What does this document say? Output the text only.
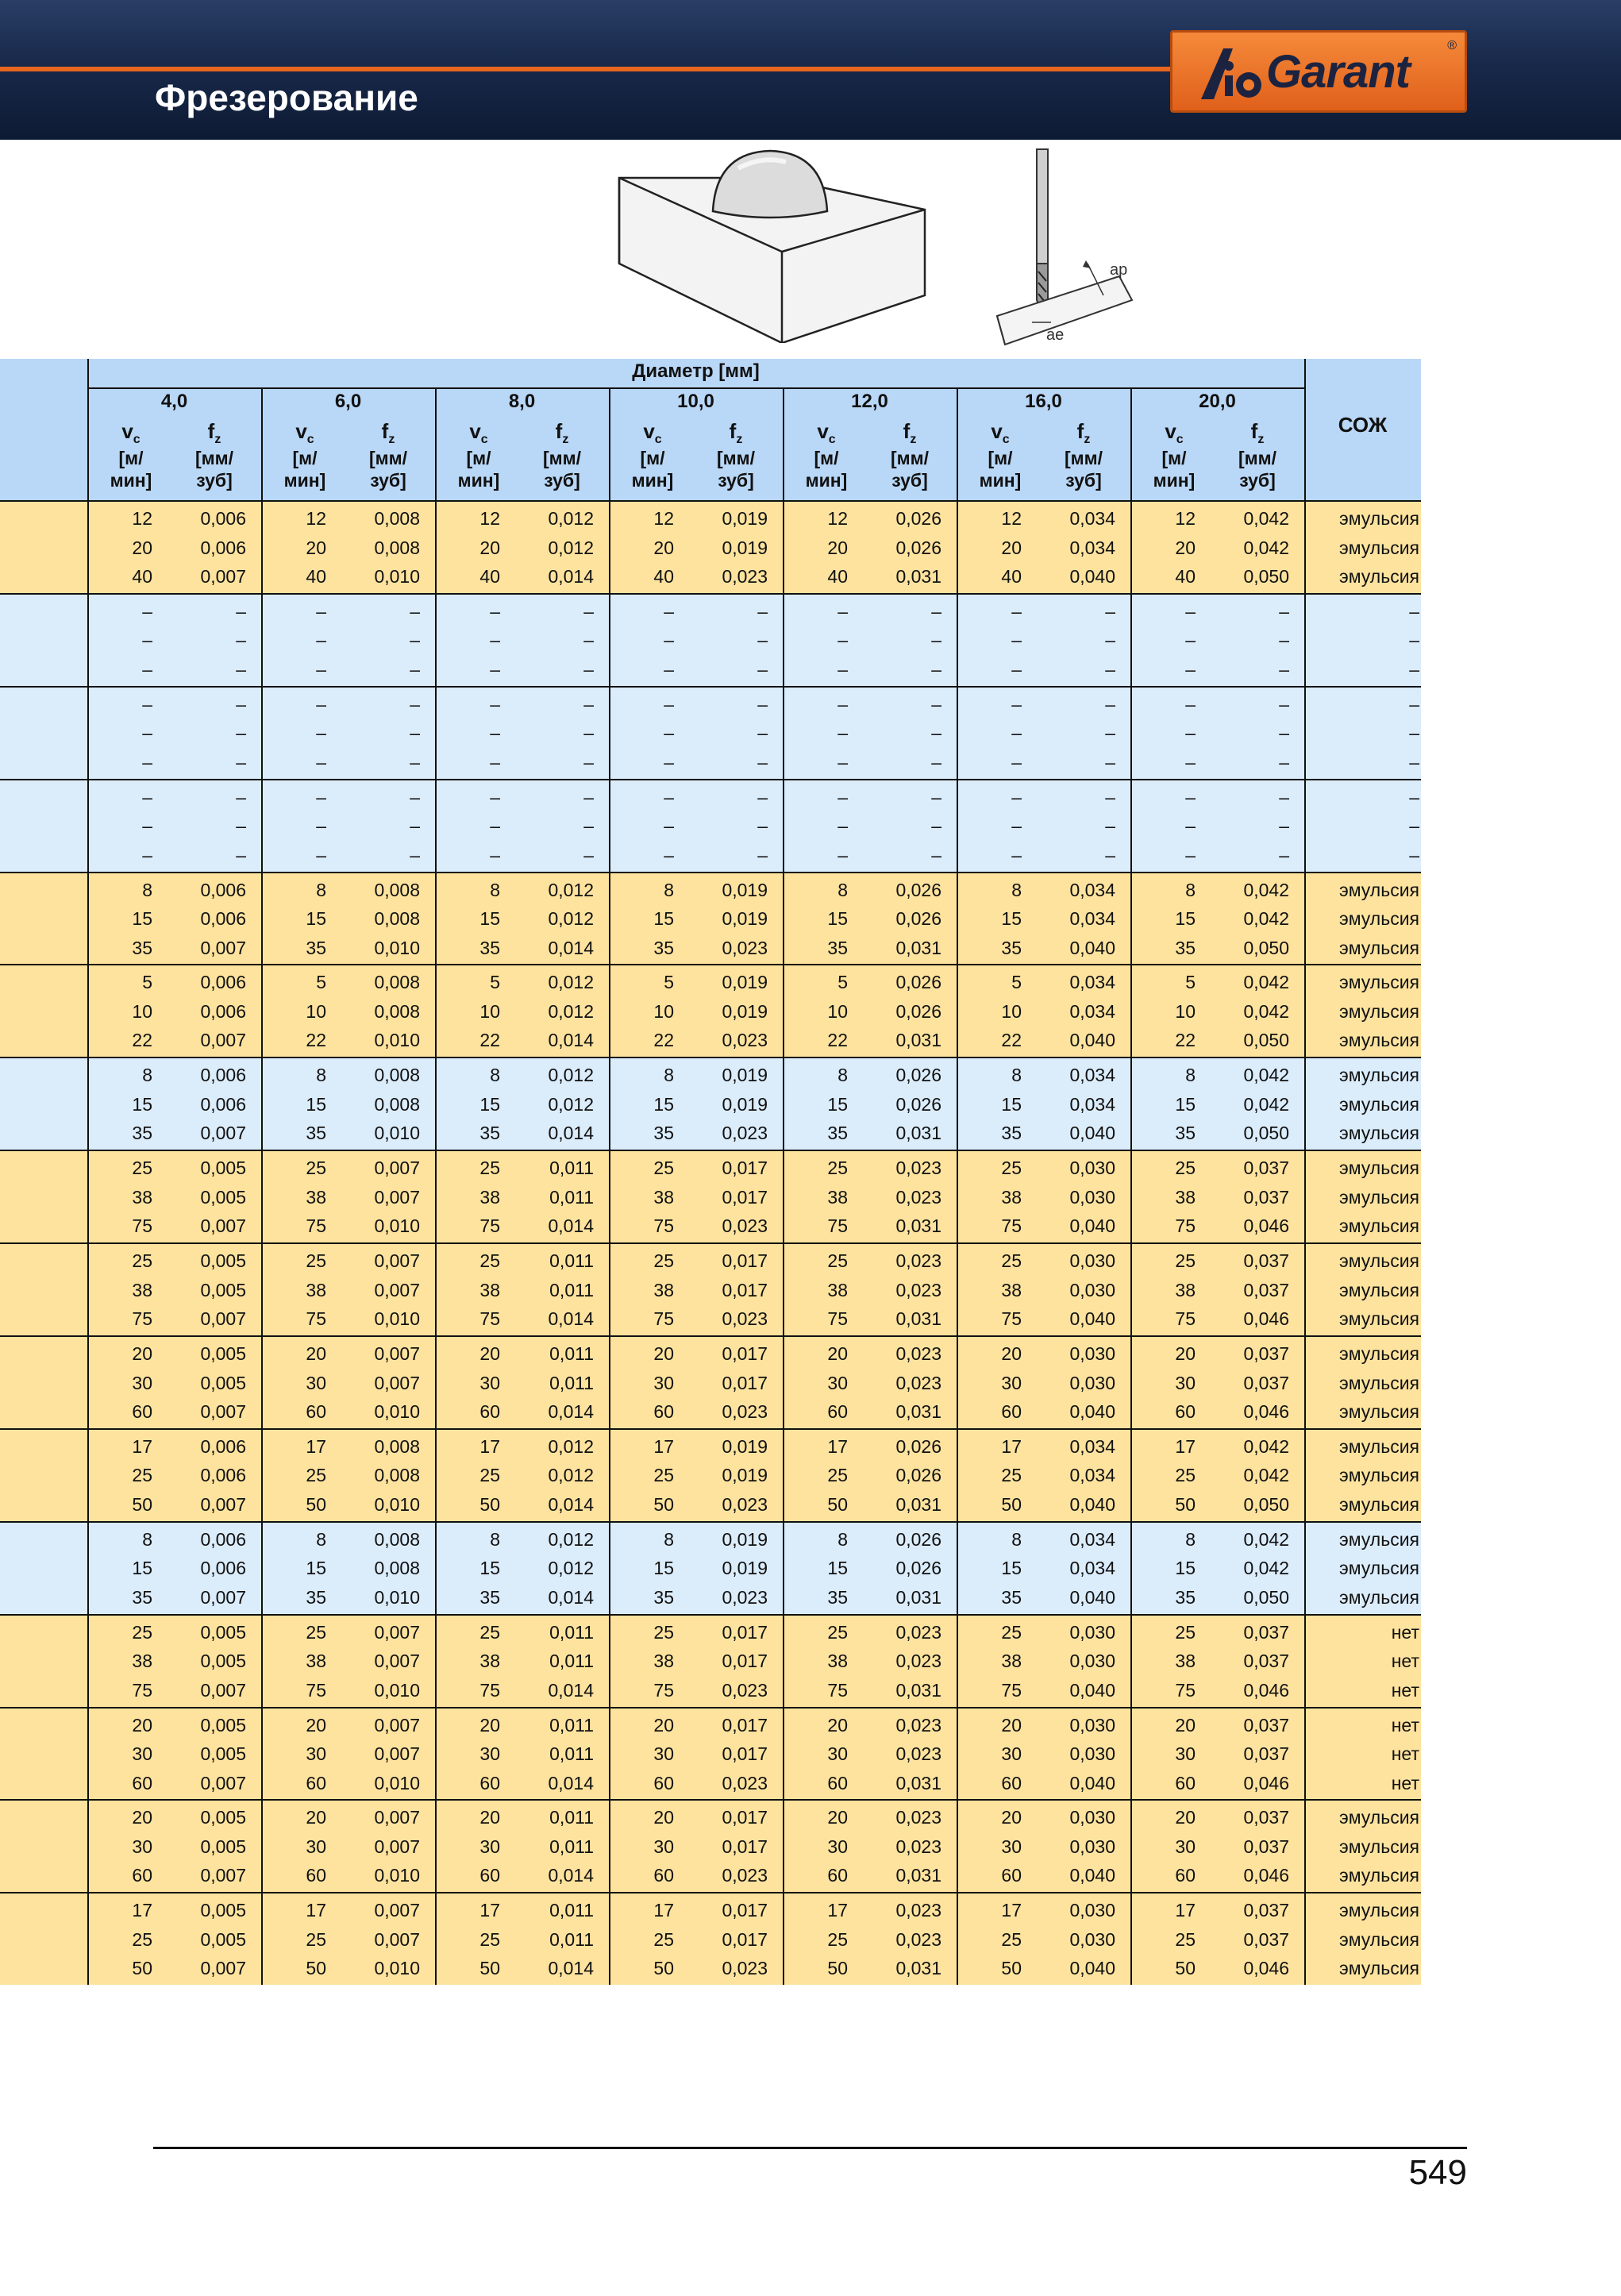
Фрезерование	Garant
®
ap
ae
Диаметр [мм]
4,0
$v_c$	$f_z$
[м/
мин]
[мм/
зуб]
6,0
$v_c$	$f_z$
[м/
мин]
[мм/
зуб]
8,0
$v_c$	$f_z$
[м/
мин]
[мм/
зуб]
10,0
$v_c$	$f_z$
[м/
мин]
[мм/
зуб]
12,0
$v_c$	$f_z$
[м/
мин]
[мм/
зуб]
16,0
$v_c$	$f_z$
[м/
мин]
[мм/
зуб]
20,0
$v_c$	$f_z$
[м/
мин]
[мм/
зуб]
СОЖ
12	0,006	12	0,008	12	0,012	12	0,019	12	0,026	12	0,034	12	0,042	эмульсия
20	0,006	20	0,008	20	0,012	20	0,019	20	0,026	20	0,034	20	0,042	эмульсия
40	0,007	40	0,010	40	0,014	40	0,023	40	0,031	40	0,040	40	0,050	эмульсия
–	–	–	–	–	–	–	–	–	–	–	–	–	–	–
–	–	–	–	–	–	–	–	–	–	–	–	–	–	–
–	–	–	–	–	–	–	–	–	–	–	–	–	–	–
–	–	–	–	–	–	–	–	–	–	–	–	–	–	–
–	–	–	–	–	–	–	–	–	–	–	–	–	–	–
–	–	–	–	–	–	–	–	–	–	–	–	–	–	–
–	–	–	–	–	–	–	–	–	–	–	–	–	–	–
–	–	–	–	–	–	–	–	–	–	–	–	–	–	–
–	–	–	–	–	–	–	–	–	–	–	–	–	–	–
8	0,006	8	0,008	8	0,012	8	0,019	8	0,026	8	0,034	8	0,042	эмульсия
15	0,006	15	0,008	15	0,012	15	0,019	15	0,026	15	0,034	15	0,042	эмульсия
35	0,007	35	0,010	35	0,014	35	0,023	35	0,031	35	0,040	35	0,050	эмульсия
5	0,006	5	0,008	5	0,012	5	0,019	5	0,026	5	0,034	5	0,042	эмульсия
10	0,006	10	0,008	10	0,012	10	0,019	10	0,026	10	0,034	10	0,042	эмульсия
22	0,007	22	0,010	22	0,014	22	0,023	22	0,031	22	0,040	22	0,050	эмульсия
8	0,006	8	0,008	8	0,012	8	0,019	8	0,026	8	0,034	8	0,042	эмульсия
15	0,006	15	0,008	15	0,012	15	0,019	15	0,026	15	0,034	15	0,042	эмульсия
35	0,007	35	0,010	35	0,014	35	0,023	35	0,031	35	0,040	35	0,050	эмульсия
25	0,005	25	0,007	25	0,011	25	0,017	25	0,023	25	0,030	25	0,037	эмульсия
38	0,005	38	0,007	38	0,011	38	0,017	38	0,023	38	0,030	38	0,037	эмульсия
75	0,007	75	0,010	75	0,014	75	0,023	75	0,031	75	0,040	75	0,046	эмульсия
25	0,005	25	0,007	25	0,011	25	0,017	25	0,023	25	0,030	25	0,037	эмульсия
38	0,005	38	0,007	38	0,011	38	0,017	38	0,023	38	0,030	38	0,037	эмульсия
75	0,007	75	0,010	75	0,014	75	0,023	75	0,031	75	0,040	75	0,046	эмульсия
20	0,005	20	0,007	20	0,011	20	0,017	20	0,023	20	0,030	20	0,037	эмульсия
30	0,005	30	0,007	30	0,011	30	0,017	30	0,023	30	0,030	30	0,037	эмульсия
60	0,007	60	0,010	60	0,014	60	0,023	60	0,031	60	0,040	60	0,046	эмульсия
17	0,006	17	0,008	17	0,012	17	0,019	17	0,026	17	0,034	17	0,042	эмульсия
25	0,006	25	0,008	25	0,012	25	0,019	25	0,026	25	0,034	25	0,042	эмульсия
50	0,007	50	0,010	50	0,014	50	0,023	50	0,031	50	0,040	50	0,050	эмульсия
8	0,006	8	0,008	8	0,012	8	0,019	8	0,026	8	0,034	8	0,042	эмульсия
15	0,006	15	0,008	15	0,012	15	0,019	15	0,026	15	0,034	15	0,042	эмульсия
35	0,007	35	0,010	35	0,014	35	0,023	35	0,031	35	0,040	35	0,050	эмульсия
25	0,005	25	0,007	25	0,011	25	0,017	25	0,023	25	0,030	25	0,037	нет
38	0,005	38	0,007	38	0,011	38	0,017	38	0,023	38	0,030	38	0,037	нет
75	0,007	75	0,010	75	0,014	75	0,023	75	0,031	75	0,040	75	0,046	нет
20	0,005	20	0,007	20	0,011	20	0,017	20	0,023	20	0,030	20	0,037	нет
30	0,005	30	0,007	30	0,011	30	0,017	30	0,023	30	0,030	30	0,037	нет
60	0,007	60	0,010	60	0,014	60	0,023	60	0,031	60	0,040	60	0,046	нет
20	0,005	20	0,007	20	0,011	20	0,017	20	0,023	20	0,030	20	0,037	эмульсия
30	0,005	30	0,007	30	0,011	30	0,017	30	0,023	30	0,030	30	0,037	эмульсия
60	0,007	60	0,010	60	0,014	60	0,023	60	0,031	60	0,040	60	0,046	эмульсия
17	0,005	17	0,007	17	0,011	17	0,017	17	0,023	17	0,030	17	0,037	эмульсия
25	0,005	25	0,007	25	0,011	25	0,017	25	0,023	25	0,030	25	0,037	эмульсия
50	0,007	50	0,010	50	0,014	50	0,023	50	0,031	50	0,040	50	0,046	эмульсия
549
